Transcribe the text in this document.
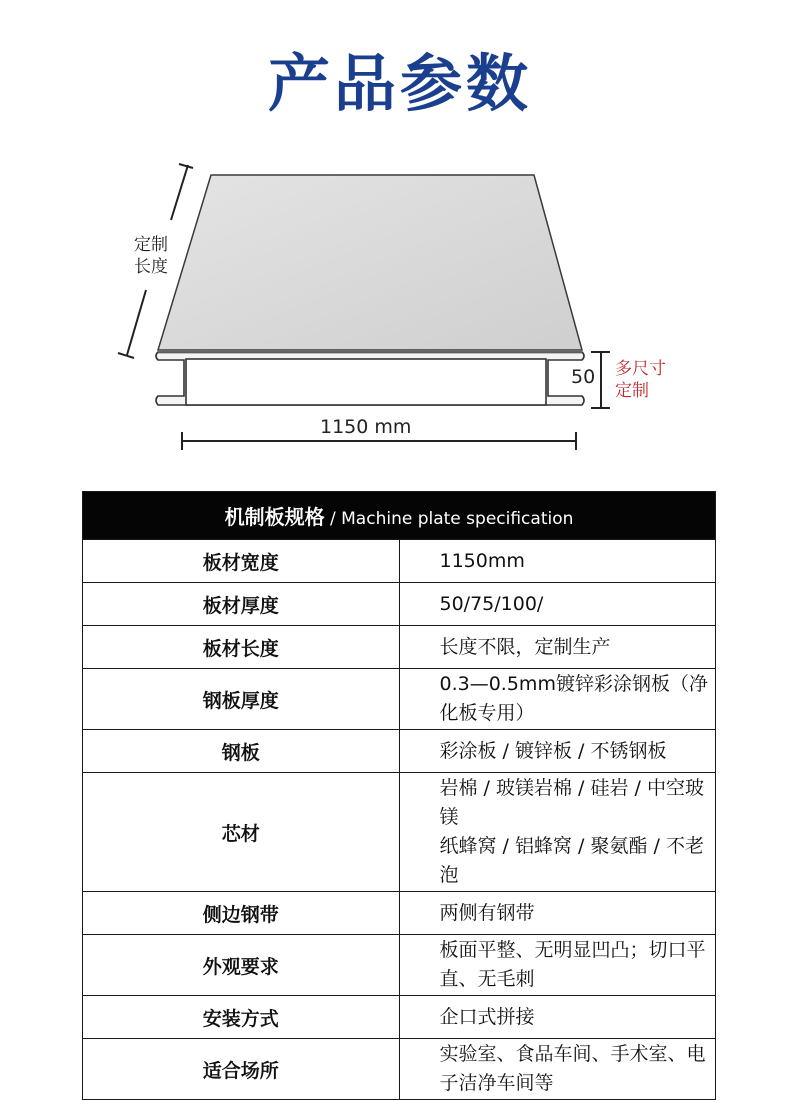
产品参数
定制
长度
50 多尺寸
定制
1150 mm
机制板规格 / Machine plate specification	
板材宽度	1150mm
板材厚度	50/75/100/
板材长度	长度不限，定制生产
钢板厚度	0.3—0.5mm镀锌彩涂钢板（净化板专用）
钢板	彩涂板 / 镀锌板 / 不锈钢板
芯材	岩棉 / 玻镁岩棉 / 硅岩 / 中空玻镁
纸蜂窝 / 铝蜂窝 / 聚氨酯 / 不老泡

侧边钢带	两侧有钢带
外观要求	板面平整、无明显凹凸；切口平直、无毛刺
安装方式	企口式拼接
适合场所	实验室、食品车间、手术室、电子洁净车间等
